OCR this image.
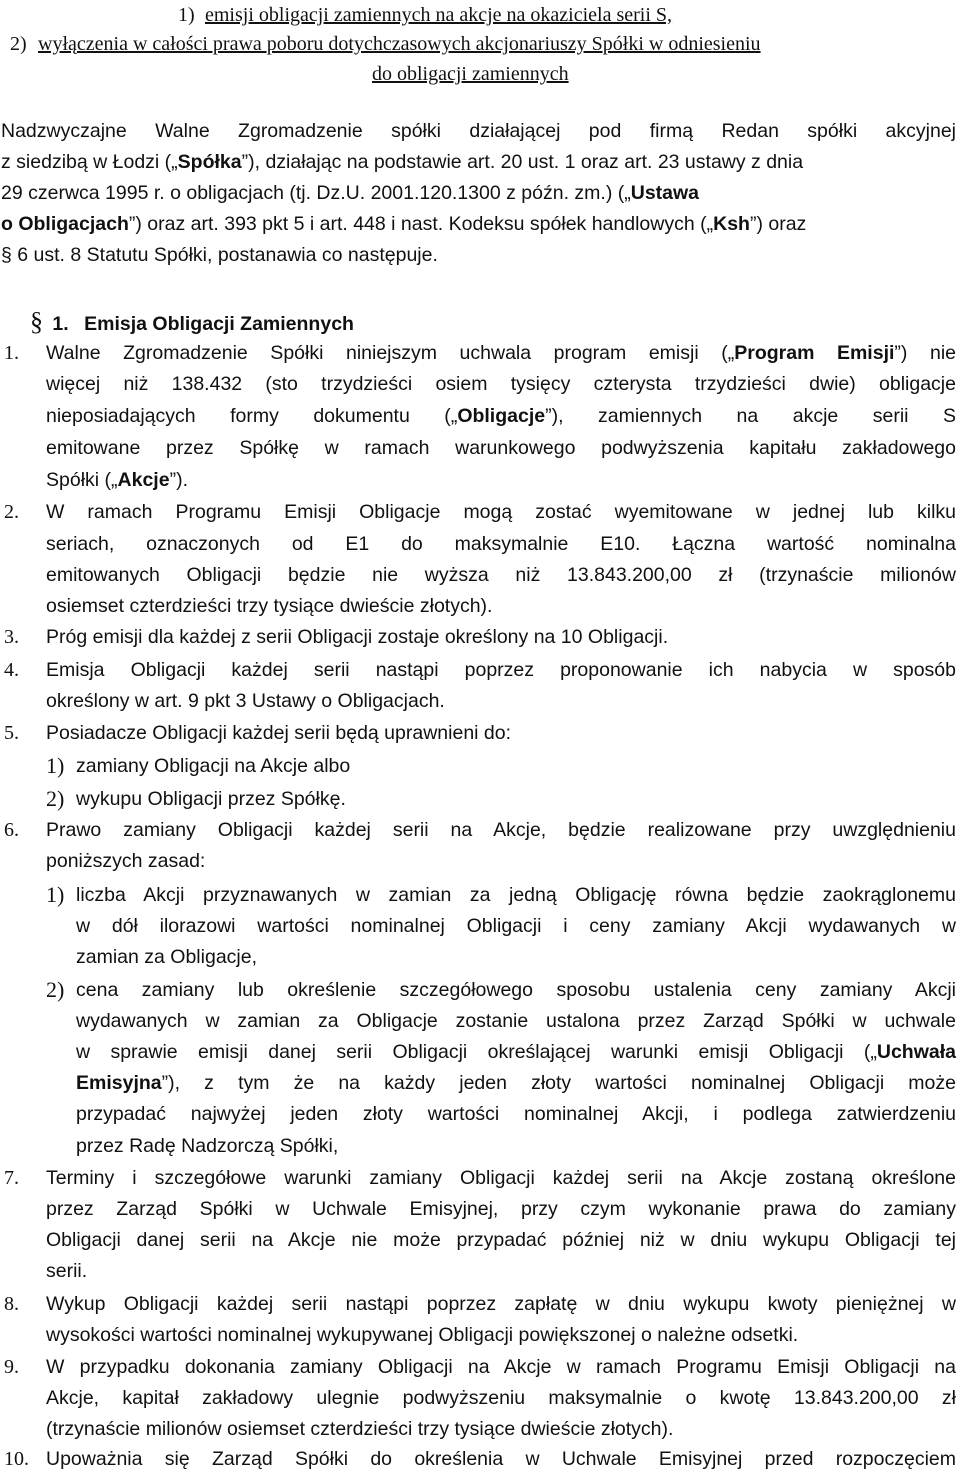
1) emisji obligacji zamiennych na akcje na okaziciela serii S,
2) wyłączenia w całości prawa poboru dotychczasowych akcjonariuszy Spółki w odniesieniu
do obligacji zamiennych
Nadzwyczajne Walne Zgromadzenie spółki działającej pod firmą Redan spółki akcyjnej
z siedzibą w Łodzi („Spółka”), działając na podstawie art. 20 ust. 1 oraz art. 23 ustawy z dnia
29 czerwca 1995 r. o obligacjach (tj. Dz.U. 2001.120.1300 z późn. zm.) („Ustawa
o Obligacjach”) oraz art. 393 pkt 5 i art. 448 i nast. Kodeksu spółek handlowych („Ksh”) oraz
§ 6 ust. 8 Statutu Spółki, postanawia co następuje.
§ 1. Emisja Obligacji Zamiennych
1. Walne Zgromadzenie Spółki niniejszym uchwala program emisji („Program Emisji”) nie
więcej niż 138.432 (sto trzydzieści osiem tysięcy czterysta trzydzieści dwie) obligacje
nieposiadających formy dokumentu („Obligacje”), zamiennych na akcje serii S
emitowane przez Spółkę w ramach warunkowego podwyższenia kapitału zakładowego
Spółki („Akcje”).
2. W ramach Programu Emisji Obligacje mogą zostać wyemitowane w jednej lub kilku
seriach, oznaczonych od E1 do maksymalnie E10. Łączna wartość nominalna
emitowanych Obligacji będzie nie wyższa niż 13.843.200,00 zł (trzynaście milionów
osiemset czterdzieści trzy tysiące dwieście złotych).
3. Próg emisji dla każdej z serii Obligacji zostaje określony na 10 Obligacji.
4. Emisja Obligacji każdej serii nastąpi poprzez proponowanie ich nabycia w sposób
określony w art. 9 pkt 3 Ustawy o Obligacjach.
5. Posiadacze Obligacji każdej serii będą uprawnieni do:
1) zamiany Obligacji na Akcje albo
2) wykupu Obligacji przez Spółkę.
6. Prawo zamiany Obligacji każdej serii na Akcje, będzie realizowane przy uwzględnieniu
poniższych zasad:
1) liczba Akcji przyznawanych w zamian za jedną Obligację równa będzie zaokrąglonemu
w dół ilorazowi wartości nominalnej Obligacji i ceny zamiany Akcji wydawanych w
zamian za Obligacje,
2) cena zamiany lub określenie szczegółowego sposobu ustalenia ceny zamiany Akcji
wydawanych w zamian za Obligacje zostanie ustalona przez Zarząd Spółki w uchwale
w sprawie emisji danej serii Obligacji określającej warunki emisji Obligacji („Uchwała
Emisyjna”), z tym że na każdy jeden złoty wartości nominalnej Obligacji może
przypadać najwyżej jeden złoty wartości nominalnej Akcji, i podlega zatwierdzeniu
przez Radę Nadzorczą Spółki,
7. Terminy i szczegółowe warunki zamiany Obligacji każdej serii na Akcje zostaną określone
przez Zarząd Spółki w Uchwale Emisyjnej, przy czym wykonanie prawa do zamiany
Obligacji danej serii na Akcje nie może przypadać później niż w dniu wykupu Obligacji tej
serii.
8. Wykup Obligacji każdej serii nastąpi poprzez zapłatę w dniu wykupu kwoty pieniężnej w
wysokości wartości nominalnej wykupywanej Obligacji powiększonej o należne odsetki.
9. W przypadku dokonania zamiany Obligacji na Akcje w ramach Programu Emisji Obligacji na
Akcje, kapitał zakładowy ulegnie podwyższeniu maksymalnie o kwotę 13.843.200,00 zł
(trzynaście milionów osiemset czterdzieści trzy tysiące dwieście złotych).
10. Upoważnia się Zarząd Spółki do określenia w Uchwale Emisyjnej przed rozpoczęciem
